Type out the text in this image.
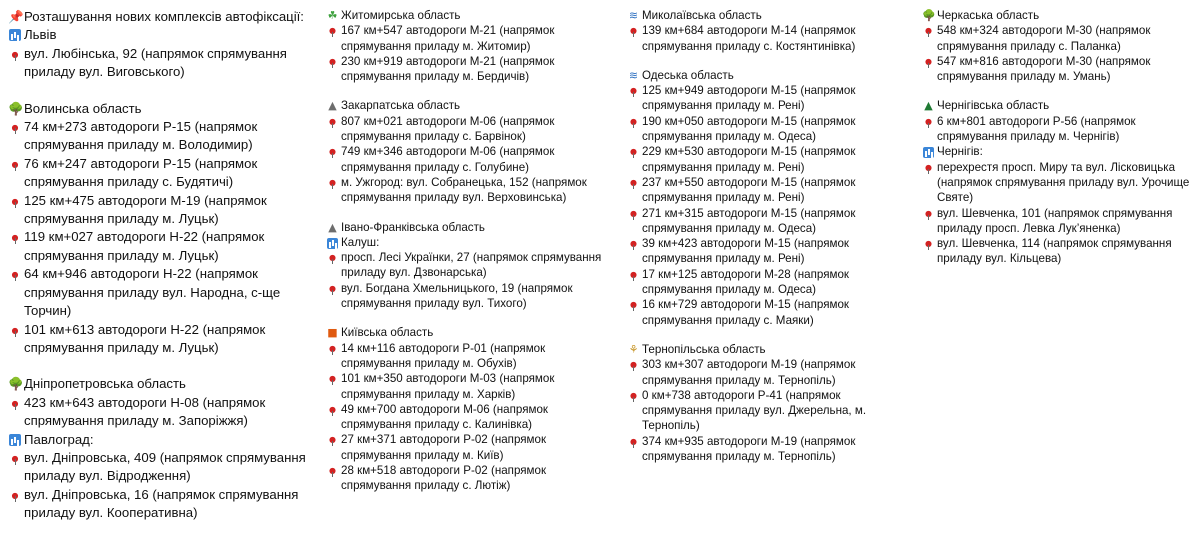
📌 Розташування нових комплексів автофіксації:
Львів
●
вул. Любінська, 92 (напрямок спрямування приладу вул. Виговського)
🌳 Волинська область
●
74 км+273 автодороги Р-15 (напрямок спрямування приладу м. Володимир)
●
76 км+247 автодороги Р-15 (напрямок спрямування приладу с. Будятичі)
●
125 км+475 автодороги М-19 (напрямок спрямування приладу м. Луцьк)
●
119 км+027 автодороги Н-22 (напрямок спрямування приладу м. Луцьк)
●
64 км+946 автодороги Н-22 (напрямок спрямування приладу вул. Народна, с-ще Торчин)
●
101 км+613 автодороги Н-22 (напрямок спрямування приладу м. Луцьк)
🌳 Дніпропетровська область
●
423 км+643 автодороги Н-08 (напрямок спрямування приладу м. Запоріжжя)
Павлоград:
●
вул. Дніпровська, 409 (напрямок спрямування приладу вул. Відродження)
●
вул. Дніпровська, 16 (напрямок спрямування приладу вул. Кооперативна)
☘ Житомирська область
●
167 км+547 автодороги М-21 (напрямок спрямування приладу м. Житомир)
●
230 км+919 автодороги М-21 (напрямок спрямування приладу м. Бердичів)
▲ Закарпатська область
●
807 км+021 автодороги М-06 (напрямок спрямування приладу с. Барвінок)
●
749 км+346 автодороги М-06 (напрямок спрямування приладу с. Голубине)
●
м. Ужгород: вул. Собранецька, 152 (напрямок спрямування приладу вул. Верховинська)
▲ Івано-Франківська область
Калуш:
●
просп. Лесі Українки, 27 (напрямок спрямування приладу вул. Дзвонарська)
●
вул. Богдана Хмельницького, 19 (напрямок спрямування приладу вул. Тихого)
■ Київська область
●
14 км+116 автодороги Р-01 (напрямок спрямування приладу м. Обухів)
●
101 км+350 автодороги М-03 (напрямок спрямування приладу м. Харків)
●
49 км+700 автодороги М-06 (напрямок спрямування приладу с. Калинівка)
●
27 км+371 автодороги Р-02 (напрямок спрямування приладу м. Київ)
●
28 км+518 автодороги Р-02 (напрямок спрямування приладу с. Лютіж)
≋ Миколаївська область
●
139 км+684 автодороги М-14 (напрямок спрямування приладу с. Костянтинівка)
≋ Одеська область
●
125 км+949 автодороги М-15 (напрямок спрямування приладу м. Рені)
●
190 км+050 автодороги М-15 (напрямок спрямування приладу м. Одеса)
●
229 км+530 автодороги М-15 (напрямок спрямування приладу м. Рені)
●
237 км+550 автодороги М-15 (напрямок спрямування приладу м. Рені)
●
271 км+315 автодороги М-15 (напрямок спрямування приладу м. Одеса)
●
39 км+423 автодороги М-15 (напрямок спрямування приладу м. Рені)
●
17 км+125 автодороги М-28 (напрямок спрямування приладу м. Одеса)
●
16 км+729 автодороги М-15 (напрямок спрямування приладу с. Маяки)
⚘ Тернопільська область
●
303 км+307 автодороги М-19 (напрямок спрямування приладу м. Тернопіль)
●
0 км+738 автодороги Р-41 (напрямок спрямування приладу вул. Джерельна, м. Тернопіль)
●
374 км+935 автодороги М-19 (напрямок спрямування приладу м. Тернопіль)
🌳 Черкаська область
●
548 км+324 автодороги М-30 (напрямок спрямування приладу с. Паланка)
●
547 км+816 автодороги М-30 (напрямок спрямування приладу м. Умань)
▲ Чернігівська область
●
6 км+801 автодороги Р-56 (напрямок спрямування приладу м. Чернігів)
Чернігів:
●
перехрестя просп. Миру та вул. Лісковицька (напрямок спрямування приладу вул. Урочище Святе)
●
вул. Шевченка, 101 (напрямок спрямування приладу просп. Левка Лук’яненка)
●
вул. Шевченка, 114 (напрямок спрямування приладу вул. Кільцева)
